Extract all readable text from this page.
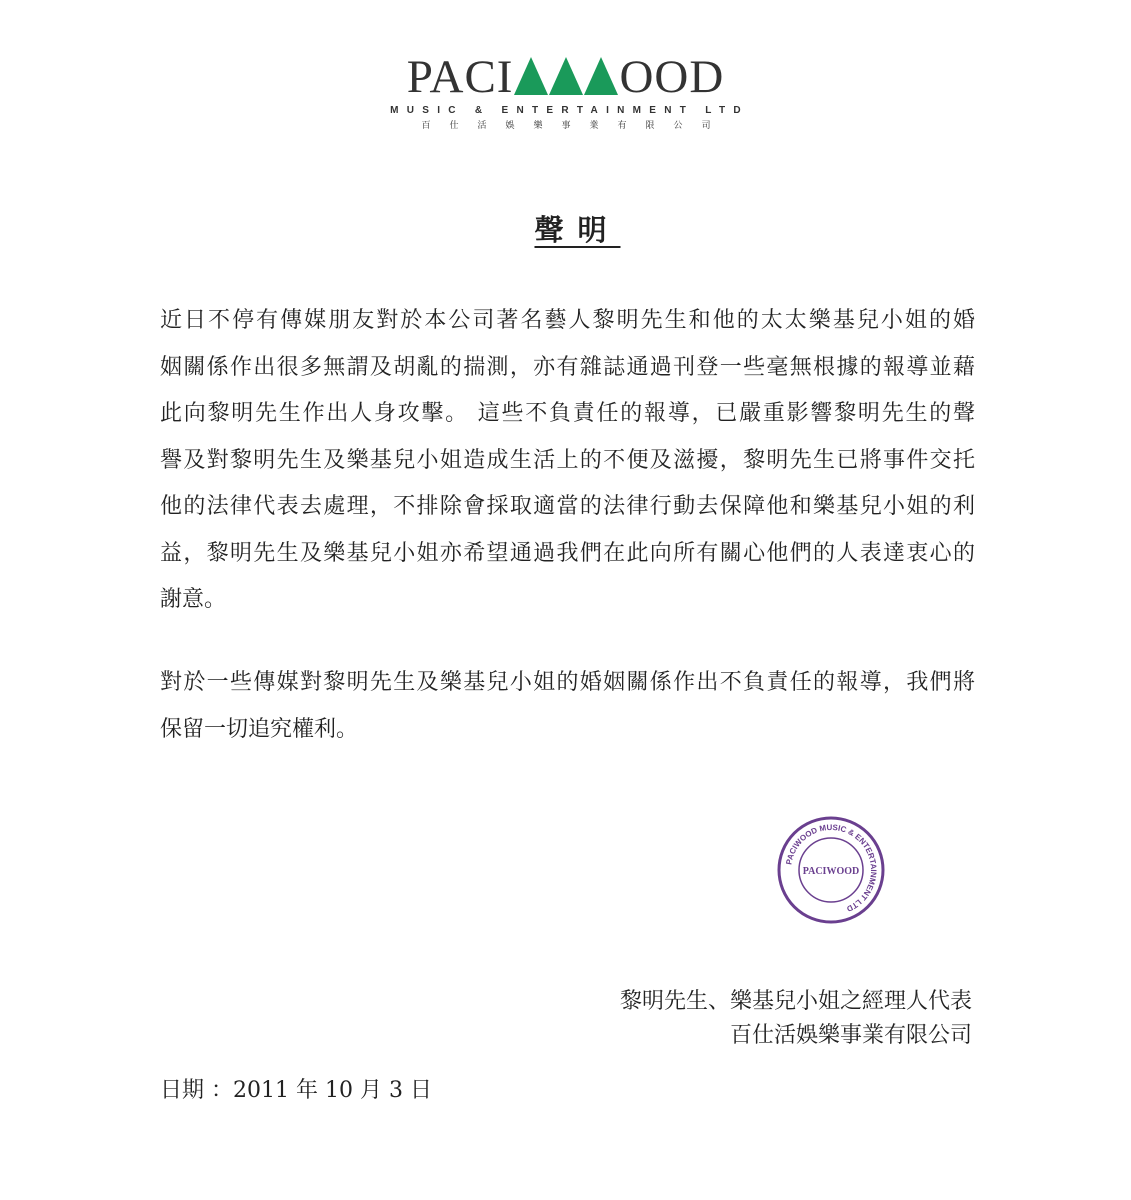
PACI OOD
MUSIC & ENTERTAINMENT LTD
百仕活娛樂事業有限公司
聲明
近日不停有傳媒朋友對於本公司著名藝人黎明先生和他的太太樂基兒小姐的婚
姻關係作出很多無謂及胡亂的揣測，亦有雜誌通過刊登一些毫無根據的報導並藉
此向黎明先生作出人身攻擊。 這些不負責任的報導，已嚴重影響黎明先生的聲
譽及對黎明先生及樂基兒小姐造成生活上的不便及滋擾，黎明先生已將事件交托
他的法律代表去處理，不排除會採取適當的法律行動去保障他和樂基兒小姐的利
益，黎明先生及樂基兒小姐亦希望通過我們在此向所有關心他們的人表達衷心的
謝意。
對於一些傳媒對黎明先生及樂基兒小姐的婚姻關係作出不負責任的報導，我們將
保留一切追究權利。
PACIWOOD MUSIC & ENTERTAINMENT LTD
PACIWOOD
黎明先生、樂基兒小姐之經理人代表
百仕活娛樂事業有限公司
日期 ：2011 年 10 月 3 日
